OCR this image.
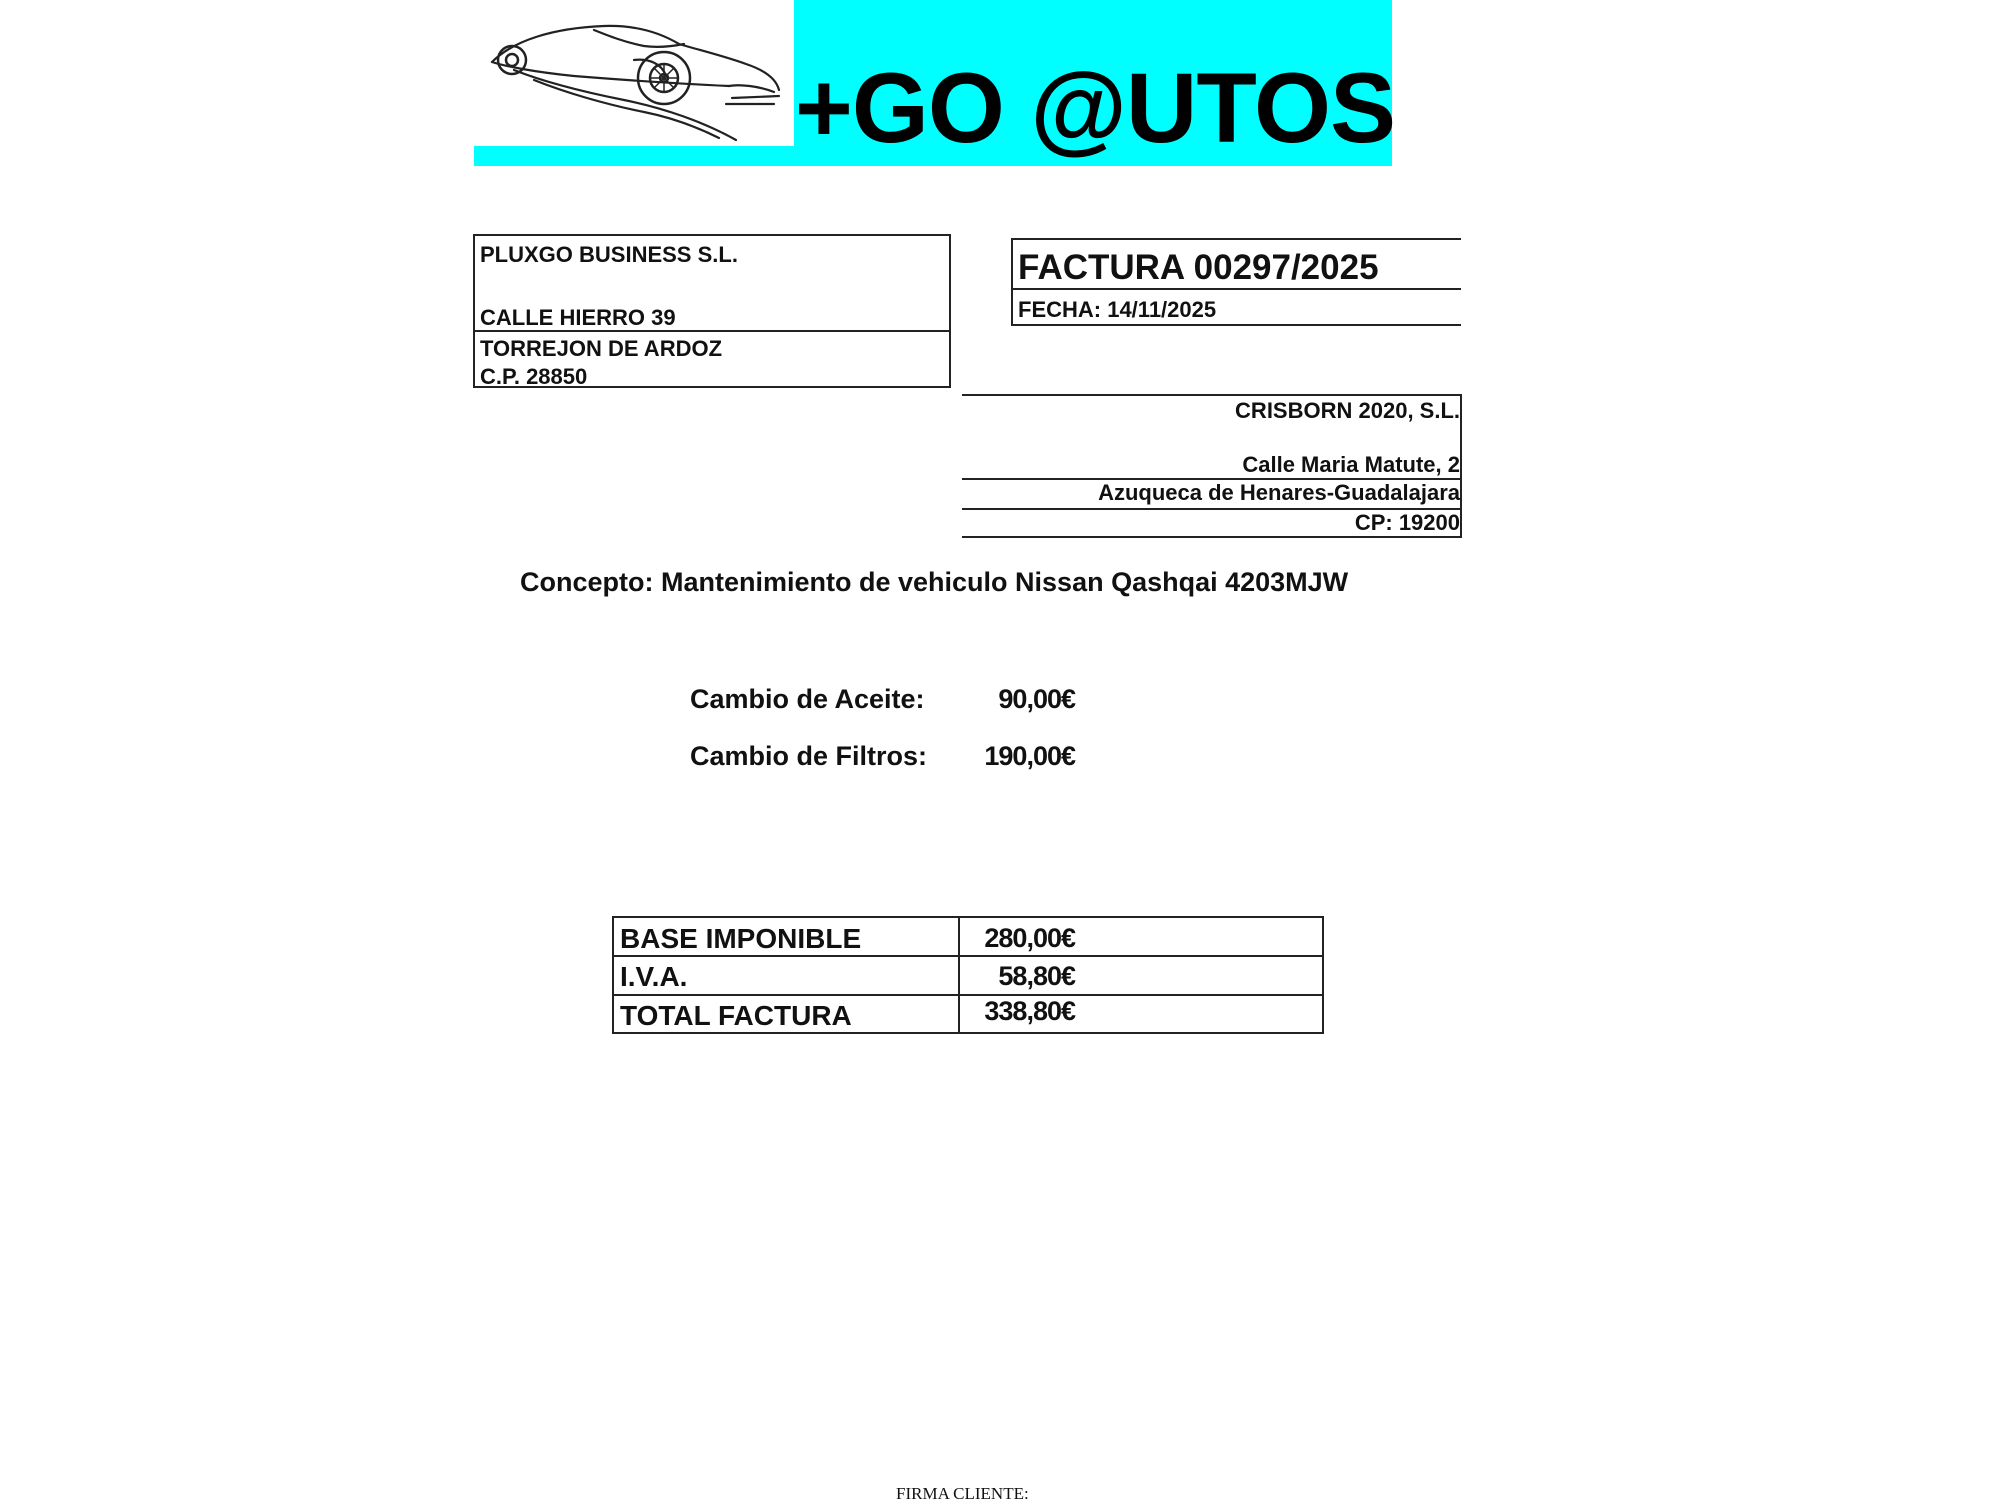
+GO @UTOS
PLUXGO BUSINESS S.L.
CALLE HIERRO 39
TORREJON DE ARDOZ
C.P. 28850
FACTURA 00297/2025
FECHA: 14/11/2025
CRISBORN 2020, S.L.
Calle Maria Matute, 2
Azuqueca de Henares-Guadalajara
CP: 19200
Concepto: Mantenimiento de vehiculo Nissan Qashqai 4203MJW
Cambio de Aceite:	90,00€
Cambio de Filtros: 190,00€
BASE IMPONIBLE	280,00€
I.V.A.	58,80€
TOTAL FACTURA	338,80€
FIRMA CLIENTE:
